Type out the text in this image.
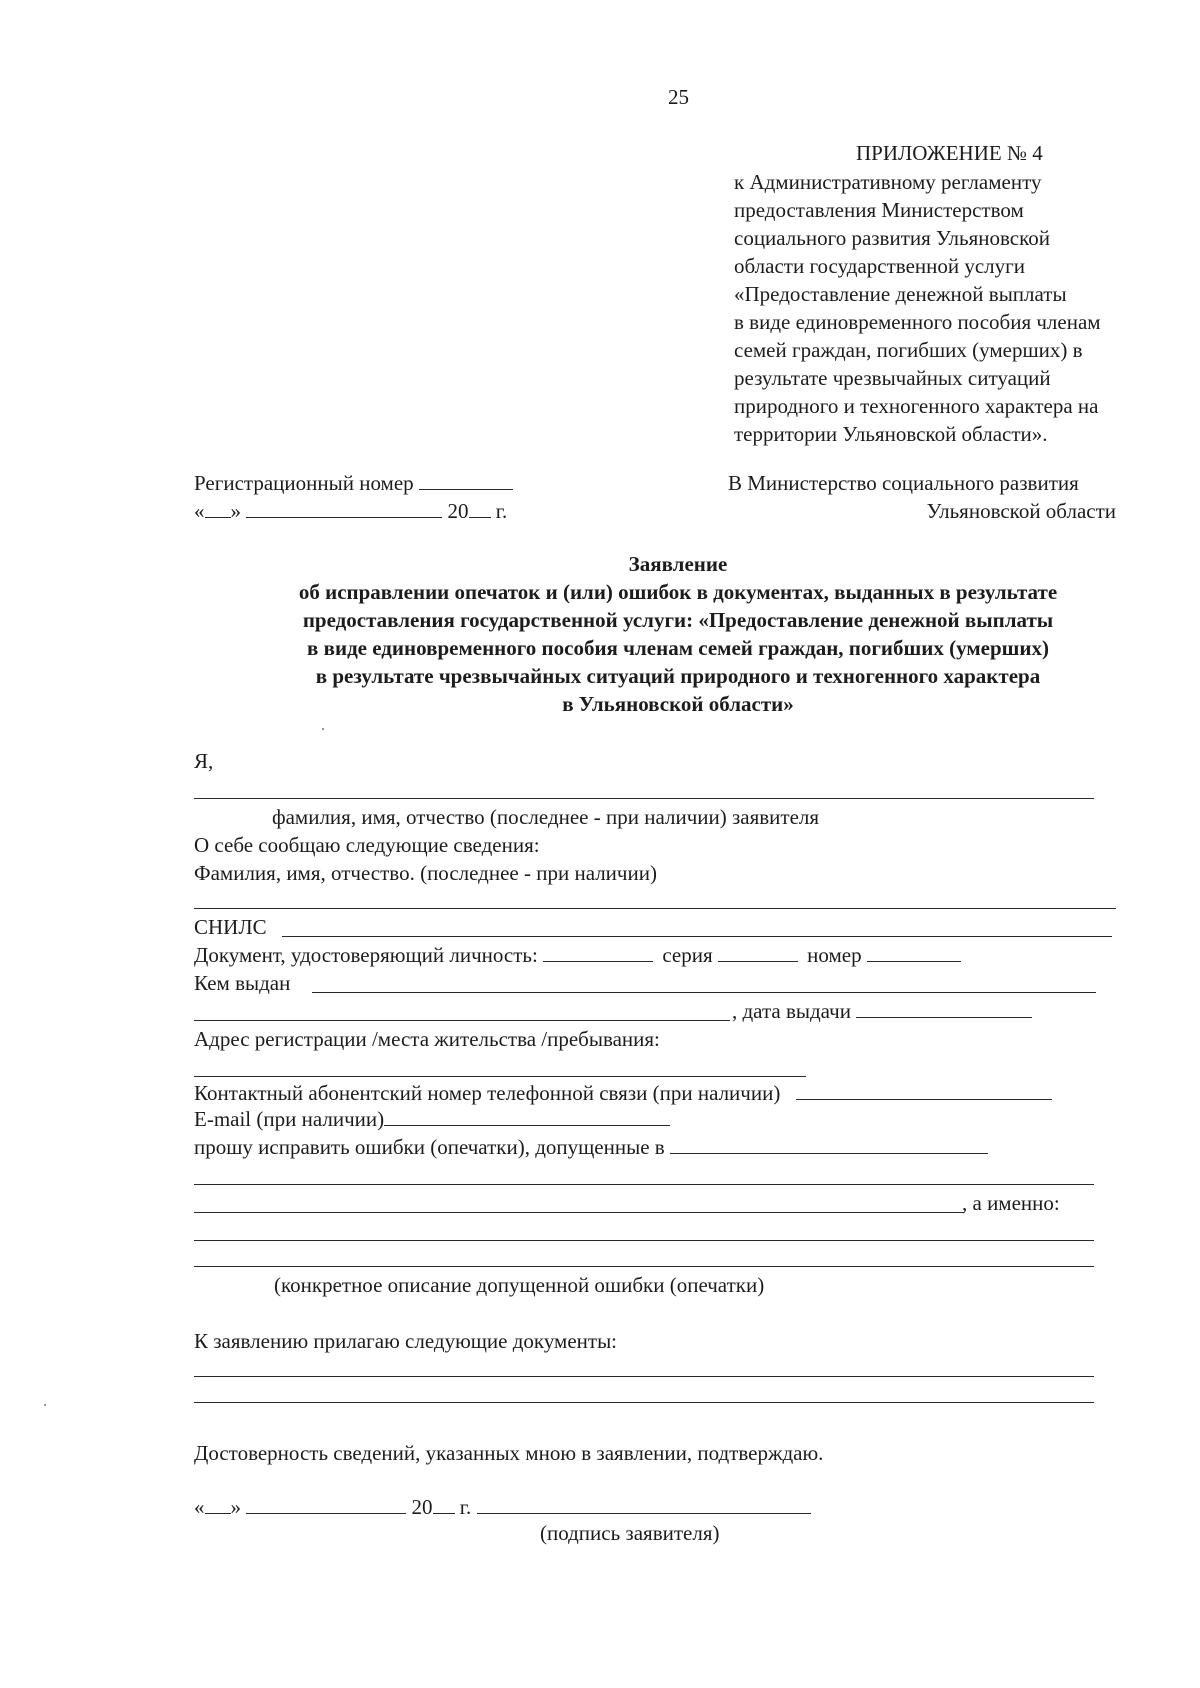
25
ПРИЛОЖЕНИЕ № 4
к Административному регламенту
предоставления Министерством
социального развития Ульяновской
области государственной услуги
«Предоставление денежной выплаты
в виде единовременного пособия членам
семей граждан, погибших (умерших) в
результате чрезвычайных ситуаций
природного и техногенного характера на
территории Ульяновской области».
Регистрационный номер
« »	20 г.
В Министерство социального развития
Ульяновской области
Заявление
об исправлении опечаток и (или) ошибок в документах, выданных в результате
предоставления государственной услуги: «Предоставление денежной выплаты
в виде единовременного пособия членам семей граждан, погибших (умерших)
в результате чрезвычайных ситуаций природного и техногенного характера
в Ульяновской области»
Я,
фамилия, имя, отчество (последнее - при наличии) заявителя
О себе сообщаю следующие сведения:
Фамилия, имя, отчество. (последнее - при наличии)
СНИЛС
Документ, удостоверяющий личность:	серия	номер
Кем выдан
, дата выдачи
Адрес регистрации /места жительства /пребывания:
Контактный абонентский номер телефонной связи (при наличии)
E-mail (при наличии)
прошу исправить ошибки (опечатки), допущенные в
, а именно:
(конкретное описание допущенной ошибки (опечатки)
К заявлению прилагаю следующие документы:
Достоверность сведений, указанных мною в заявлении, подтверждаю.
« »	20 г.
(подпись заявителя)
